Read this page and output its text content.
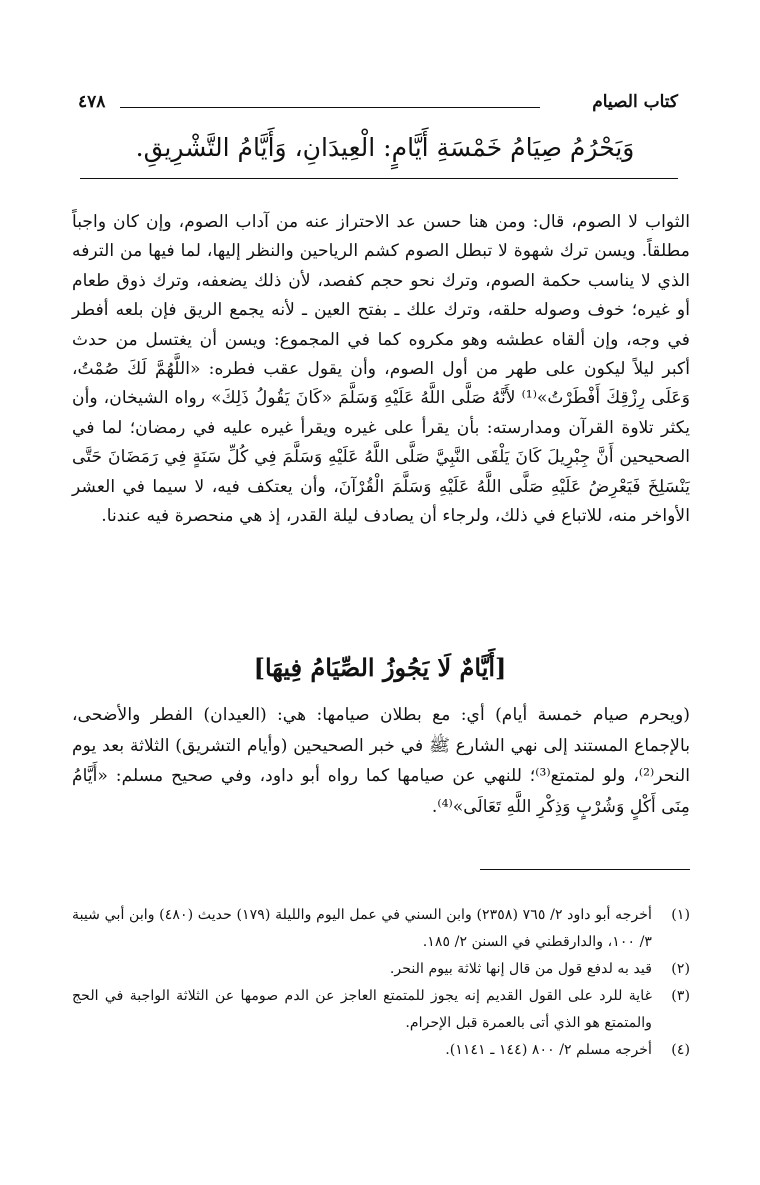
٤٧٨	كتاب الصيام
وَيَحْرُمُ صِيَامُ خَمْسَةِ أَيَّامٍ: الْعِيدَانِ، وَأَيَّامُ التَّشْرِيقِ.

الثواب لا الصوم، قال: ومن هنا حسن عد الاحتراز عنه من آداب الصوم، وإن كان واجباً مطلقاً. ويسن ترك شهوة لا تبطل الصوم كشم الرياحين والنظر إليها، لما فيها من الترفه الذي لا يناسب حكمة الصوم، وترك نحو حجم كفصد، لأن ذلك يضعفه، وترك ذوق طعام أو غيره؛ خوف وصوله حلقه، وترك علك ـ بفتح العين ـ لأنه يجمع الريق فإن بلعه أفطر في وجه، وإن ألقاه عطشه وهو مكروه كما في المجموع: ويسن أن يغتسل من حدث أكبر ليلاً ليكون على طهر من أول الصوم، وأن يقول عقب فطره: «اللَّهُمَّ لَكَ صُمْتُ، وَعَلَى رِزْقِكَ أَفْطَرْتُ»⁽¹⁾ لأَنَّهُ صَلَّى اللَّهُ عَلَيْهِ وَسَلَّمَ «كَانَ يَقُولُ ذَلِكَ» رواه الشيخان، وأن يكثر تلاوة القرآن ومدارسته: بأن يقرأ على غيره ويقرأ غيره عليه في رمضان؛ لما في الصحيحين أَنَّ جِبْرِيلَ كَانَ يَلْقَى النَّبِيَّ صَلَّى اللَّهُ عَلَيْهِ وَسَلَّمَ فِي كُلِّ سَنَةٍ فِي رَمَضَانَ حَتَّى يَنْسَلِخَ فَيَعْرِضُ عَلَيْهِ صَلَّى اللَّهُ عَلَيْهِ وَسَلَّمَ الْقُرْآنَ، وأن يعتكف فيه، لا سيما في العشر الأواخر منه، للاتباع في ذلك، ولرجاء أن يصادف ليلة القدر، إذ هي منحصرة فيه عندنا.

[أَيَّامٌ لَا يَجُوزُ الصِّيَامُ فِيهَا]

(ويحرم صيام خمسة أيام) أي: مع بطلان صيامها: هي: (العيدان) الفطر والأضحى، بالإجماع المستند إلى نهي الشارع ﷺ في خبر الصحيحين (وأيام التشريق) الثلاثة بعد يوم النحر⁽²⁾، ولو لمتمتع⁽³⁾؛ للنهي عن صيامها كما رواه أبو داود، وفي صحيح مسلم: «أَيَّامُ مِنَى أَكْلٍ وَشُرْبٍ وَذِكْرِ اللَّهِ تَعَالَى»⁽⁴⁾.

(١)
أخرجه أبو داود ٢/ ٧٦٥ (٢٣٥٨) وابن السني في عمل اليوم والليلة (١٧٩) حديث (٤٨٠) وابن أبي شيبة ٣/ ١٠٠، والدارقطني في السنن ٢/ ١٨٥.
(٢)
قيد به لدفع قول من قال إنها ثلاثة بيوم النحر.
(٣)
غاية للرد على القول القديم إنه يجوز للمتمتع العاجز عن الدم صومها عن الثلاثة الواجبة في الحج والمتمتع هو الذي أتى بالعمرة قبل الإحرام.
(٤)
أخرجه مسلم ٢/ ٨٠٠ (١٤٤ ـ ١١٤١).
